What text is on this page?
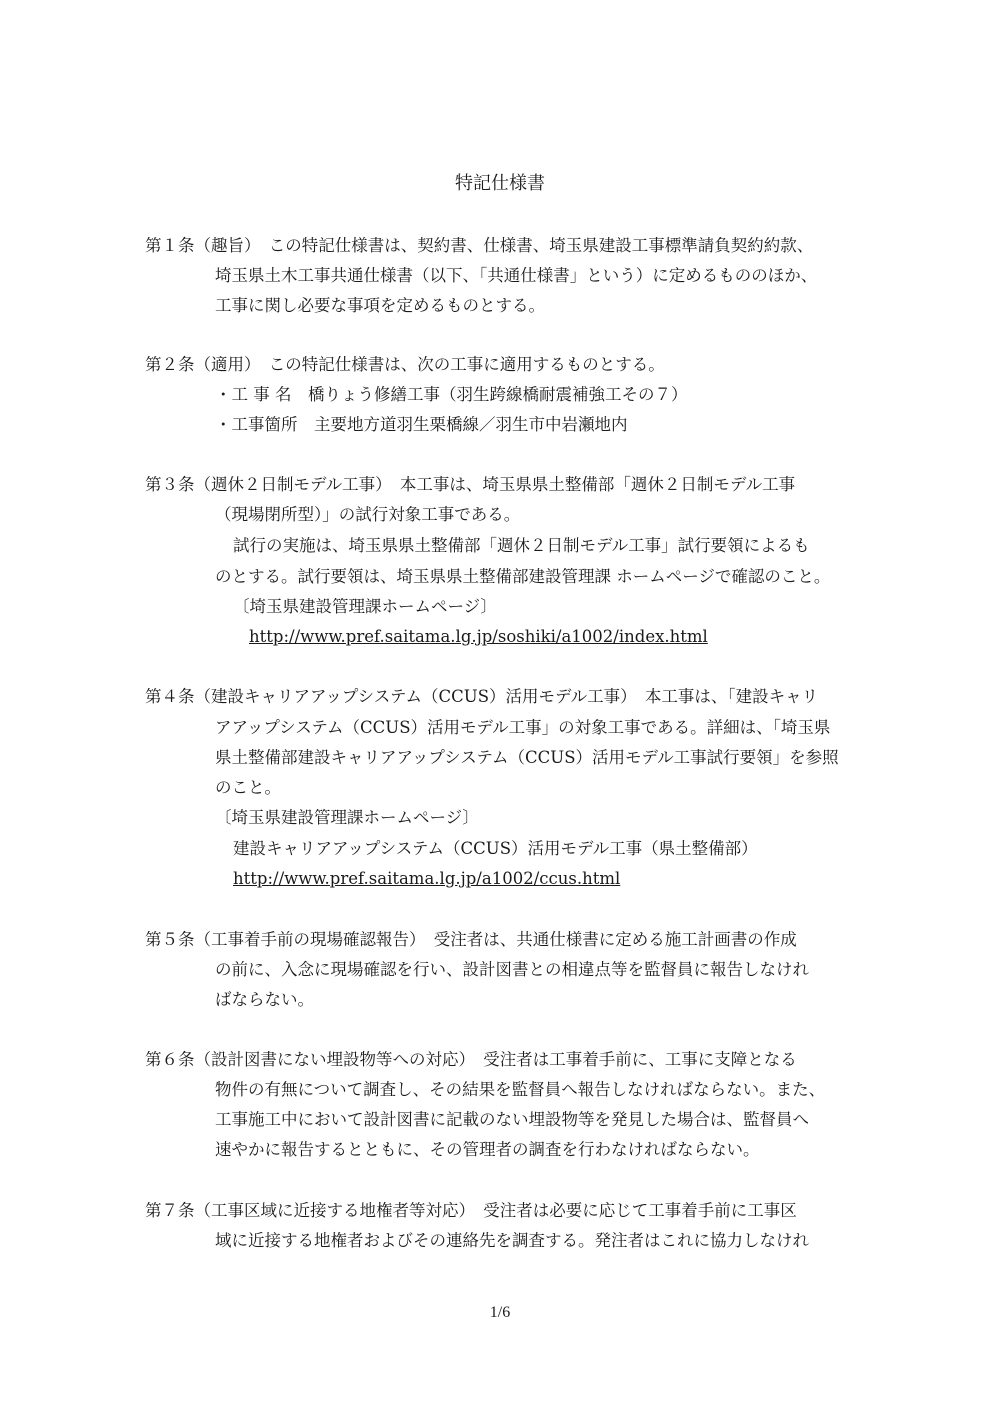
特記仕様書
第１条（趣旨）　この特記仕様書は、契約書、仕様書、埼玉県建設工事標準請負契約約款、
埼玉県土木工事共通仕様書（以下、「共通仕様書」という）に定めるもののほか、
工事に関し必要な事項を定めるものとする。
第２条（適用）　この特記仕様書は、次の工事に適用するものとする。
・工 事 名　橋りょう修繕工事（羽生跨線橋耐震補強工その７）
・工事箇所　主要地方道羽生栗橋線／羽生市中岩瀬地内
第３条（週休２日制モデル工事）　本工事は、埼玉県県土整備部「週休２日制モデル工事
（現場閉所型）」の試行対象工事である。
試行の実施は、埼玉県県土整備部「週休２日制モデル工事」試行要領によるも
のとする。試行要領は、埼玉県県土整備部建設管理課 ホームページで確認のこと。
〔埼玉県建設管理課ホームページ〕
http://www.pref.saitama.lg.jp/soshiki/a1002/index.html
第４条（建設キャリアアップシステム（CCUS）活用モデル工事）　本工事は、「建設キャリ
アアップシステム（CCUS）活用モデル工事」の対象工事である。詳細は、「埼玉県
県土整備部建設キャリアアップシステム（CCUS）活用モデル工事試行要領」を参照
のこと。
〔埼玉県建設管理課ホームページ〕
建設キャリアアップシステム（CCUS）活用モデル工事（県土整備部）
http://www.pref.saitama.lg.jp/a1002/ccus.html
第５条（工事着手前の現場確認報告）　受注者は、共通仕様書に定める施工計画書の作成
の前に、入念に現場確認を行い、設計図書との相違点等を監督員に報告しなけれ
ばならない。
第６条（設計図書にない埋設物等への対応）　受注者は工事着手前に、工事に支障となる
物件の有無について調査し、その結果を監督員へ報告しなければならない。また、
工事施工中において設計図書に記載のない埋設物等を発見した場合は、監督員へ
速やかに報告するとともに、その管理者の調査を行わなければならない。
第７条（工事区域に近接する地権者等対応）　受注者は必要に応じて工事着手前に工事区
域に近接する地権者およびその連絡先を調査する。発注者はこれに協力しなけれ
1/6
